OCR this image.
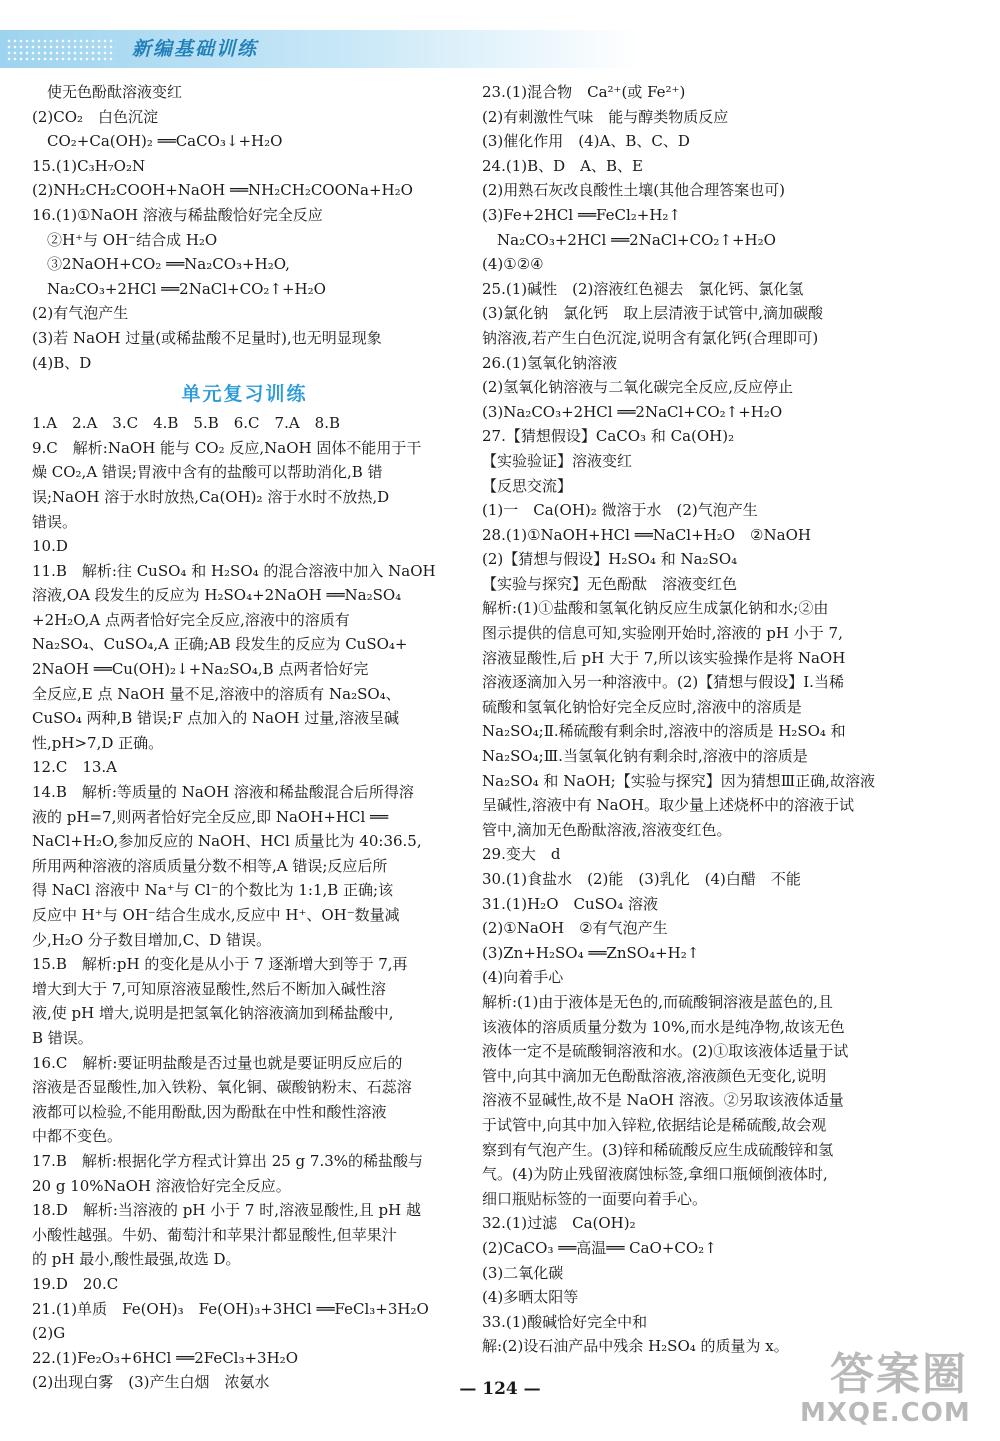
新编基础训练
　使无色酚酞溶液变红
(2)CO₂　白色沉淀
　CO₂+Ca(OH)₂ ══CaCO₃↓+H₂O
15.(1)C₃H₇O₂N
(2)NH₂CH₂COOH+NaOH ══NH₂CH₂COONa+H₂O
16.(1)①NaOH 溶液与稀盐酸恰好完全反应
　②H⁺与 OH⁻结合成 H₂O
　③2NaOH+CO₂ ══Na₂CO₃+H₂O,
　Na₂CO₃+2HCl ══2NaCl+CO₂↑+H₂O
(2)有气泡产生
(3)若 NaOH 过量(或稀盐酸不足量时),也无明显现象
(4)B、D
单元复习训练
1.A　2.A　3.C　4.B　5.B　6.C　7.A　8.B
9.C　解析:NaOH 能与 CO₂ 反应,NaOH 固体不能用于干
燥 CO₂,A 错误;胃液中含有的盐酸可以帮助消化,B 错
误;NaOH 溶于水时放热,Ca(OH)₂ 溶于水时不放热,D
错误。
10.D
11.B　解析:往 CuSO₄ 和 H₂SO₄ 的混合溶液中加入 NaOH
溶液,OA 段发生的反应为 H₂SO₄+2NaOH ══Na₂SO₄
+2H₂O,A 点两者恰好完全反应,溶液中的溶质有
Na₂SO₄、CuSO₄,A 正确;AB 段发生的反应为 CuSO₄+
2NaOH ══Cu(OH)₂↓+Na₂SO₄,B 点两者恰好完
全反应,E 点 NaOH 量不足,溶液中的溶质有 Na₂SO₄、
CuSO₄ 两种,B 错误;F 点加入的 NaOH 过量,溶液呈碱
性,pH>7,D 正确。
12.C　13.A
14.B　解析:等质量的 NaOH 溶液和稀盐酸混合后所得溶
液的 pH=7,则两者恰好完全反应,即 NaOH+HCl ══
NaCl+H₂O,参加反应的 NaOH、HCl 质量比为 40:36.5,
所用两种溶液的溶质质量分数不相等,A 错误;反应后所
得 NaCl 溶液中 Na⁺与 Cl⁻的个数比为 1:1,B 正确;该
反应中 H⁺与 OH⁻结合生成水,反应中 H⁺、OH⁻数量减
少,H₂O 分子数目增加,C、D 错误。
15.B　解析:pH 的变化是从小于 7 逐渐增大到等于 7,再
增大到大于 7,可知原溶液显酸性,然后不断加入碱性溶
液,使 pH 增大,说明是把氢氧化钠溶液滴加到稀盐酸中,
B 错误。
16.C　解析:要证明盐酸是否过量也就是要证明反应后的
溶液是否显酸性,加入铁粉、氧化铜、碳酸钠粉末、石蕊溶
液都可以检验,不能用酚酞,因为酚酞在中性和酸性溶液
中都不变色。
17.B　解析:根据化学方程式计算出 25 g 7.3%的稀盐酸与
20 g 10%NaOH 溶液恰好完全反应。
18.D　解析:当溶液的 pH 小于 7 时,溶液显酸性,且 pH 越
小酸性越强。牛奶、葡萄汁和苹果汁都显酸性,但苹果汁
的 pH 最小,酸性最强,故选 D。
19.D　20.C
21.(1)单质　Fe(OH)₃　Fe(OH)₃+3HCl ══FeCl₃+3H₂O
(2)G
22.(1)Fe₂O₃+6HCl ══2FeCl₃+3H₂O
(2)出现白雾　(3)产生白烟　浓氨水
23.(1)混合物　Ca²⁺(或 Fe²⁺)
(2)有刺激性气味　能与醇类物质反应
(3)催化作用　(4)A、B、C、D
24.(1)B、D　A、B、E
(2)用熟石灰改良酸性土壤(其他合理答案也可)
(3)Fe+2HCl ══FeCl₂+H₂↑
　Na₂CO₃+2HCl ══2NaCl+CO₂↑+H₂O
(4)①②④
25.(1)碱性　(2)溶液红色褪去　氯化钙、氯化氢
(3)氯化钠　氯化钙　取上层清液于试管中,滴加碳酸
钠溶液,若产生白色沉淀,说明含有氯化钙(合理即可)
26.(1)氢氧化钠溶液
(2)氢氧化钠溶液与二氧化碳完全反应,反应停止
(3)Na₂CO₃+2HCl ══2NaCl+CO₂↑+H₂O
27.【猜想假设】CaCO₃ 和 Ca(OH)₂
【实验验证】溶液变红
【反思交流】
(1)一　Ca(OH)₂ 微溶于水　(2)气泡产生
28.(1)①NaOH+HCl ══NaCl+H₂O　②NaOH
(2)【猜想与假设】H₂SO₄ 和 Na₂SO₄
【实验与探究】无色酚酞　溶液变红色
解析:(1)①盐酸和氢氧化钠反应生成氯化钠和水;②由
图示提供的信息可知,实验刚开始时,溶液的 pH 小于 7,
溶液显酸性,后 pH 大于 7,所以该实验操作是将 NaOH
溶液逐滴加入另一种溶液中。(2)【猜想与假设】Ⅰ.当稀
硫酸和氢氧化钠恰好完全反应时,溶液中的溶质是
Na₂SO₄;Ⅱ.稀硫酸有剩余时,溶液中的溶质是 H₂SO₄ 和
Na₂SO₄;Ⅲ.当氢氧化钠有剩余时,溶液中的溶质是
Na₂SO₄ 和 NaOH;【实验与探究】因为猜想Ⅲ正确,故溶液
呈碱性,溶液中有 NaOH。取少量上述烧杯中的溶液于试
管中,滴加无色酚酞溶液,溶液变红色。
29.变大　d
30.(1)食盐水　(2)能　(3)乳化　(4)白醋　不能
31.(1)H₂O　CuSO₄ 溶液
(2)①NaOH　②有气泡产生
(3)Zn+H₂SO₄ ══ZnSO₄+H₂↑
(4)向着手心
解析:(1)由于液体是无色的,而硫酸铜溶液是蓝色的,且
该液体的溶质质量分数为 10%,而水是纯净物,故该无色
液体一定不是硫酸铜溶液和水。(2)①取该液体适量于试
管中,向其中滴加无色酚酞溶液,溶液颜色无变化,说明
溶液不显碱性,故不是 NaOH 溶液。②另取该液体适量
于试管中,向其中加入锌粒,依据结论是稀硫酸,故会观
察到有气泡产生。(3)锌和稀硫酸反应生成硫酸锌和氢
气。(4)为防止残留液腐蚀标签,拿细口瓶倾倒液体时,
细口瓶贴标签的一面要向着手心。
32.(1)过滤　Ca(OH)₂
(2)CaCO₃ ══高温══ CaO+CO₂↑
(3)二氧化碳
(4)多晒太阳等
33.(1)酸碱恰好完全中和
解:(2)设石油产品中残余 H₂SO₄ 的质量为 x。
— 124 —	答案圈
MXQE.COM
